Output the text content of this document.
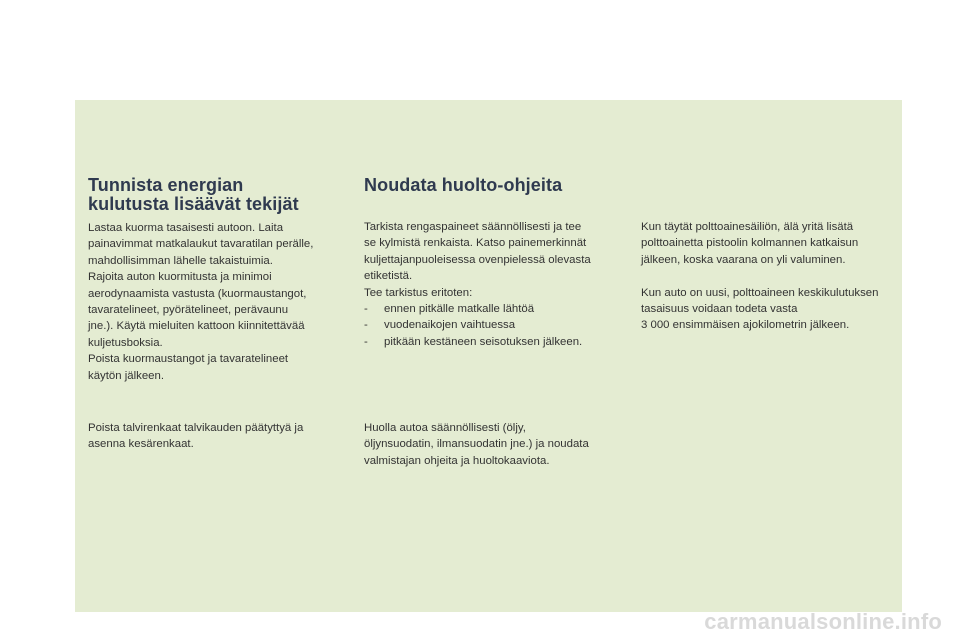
Tunnista energian
kulutusta lisäävät tekijät
Lastaa kuorma tasaisesti autoon. Laita
painavimmat matkalaukut tavaratilan perälle,
mahdollisimman lähelle takaistuimia.
Rajoita auton kuormitusta ja minimoi
aerodynaamista vastusta (kuormaustangot,
tavaratelineet, pyörätelineet, perävaunu
jne.). Käytä mieluiten kattoon kiinnitettävää
kuljetusboksia.
Poista kuormaustangot ja tavaratelineet
käytön jälkeen.
Poista talvirenkaat talvikauden päätyttyä ja
asenna kesärenkaat.
Noudata huolto-ohjeita
Tarkista rengaspaineet säännöllisesti ja tee
se kylmistä renkaista. Katso painemerkinnät
kuljettajanpuoleisessa ovenpielessä olevasta
etiketistä.
Tee tarkistus eritoten:
- ennen pitkälle matkalle lähtöä
- vuodenaikojen vaihtuessa
- pitkään kestäneen seisotuksen jälkeen.
Huolla autoa säännöllisesti (öljy,
öljynsuodatin, ilmansuodatin jne.) ja noudata
valmistajan ohjeita ja huoltokaaviota.
Kun täytät polttoainesäiliön, älä yritä lisätä
polttoainetta pistoolin kolmannen katkaisun
jälkeen, koska vaarana on yli valuminen.
Kun auto on uusi, polttoaineen keskikulutuksen
tasaisuus voidaan todeta vasta
3 000 ensimmäisen ajokilometrin jälkeen.
carmanualsonline.info
